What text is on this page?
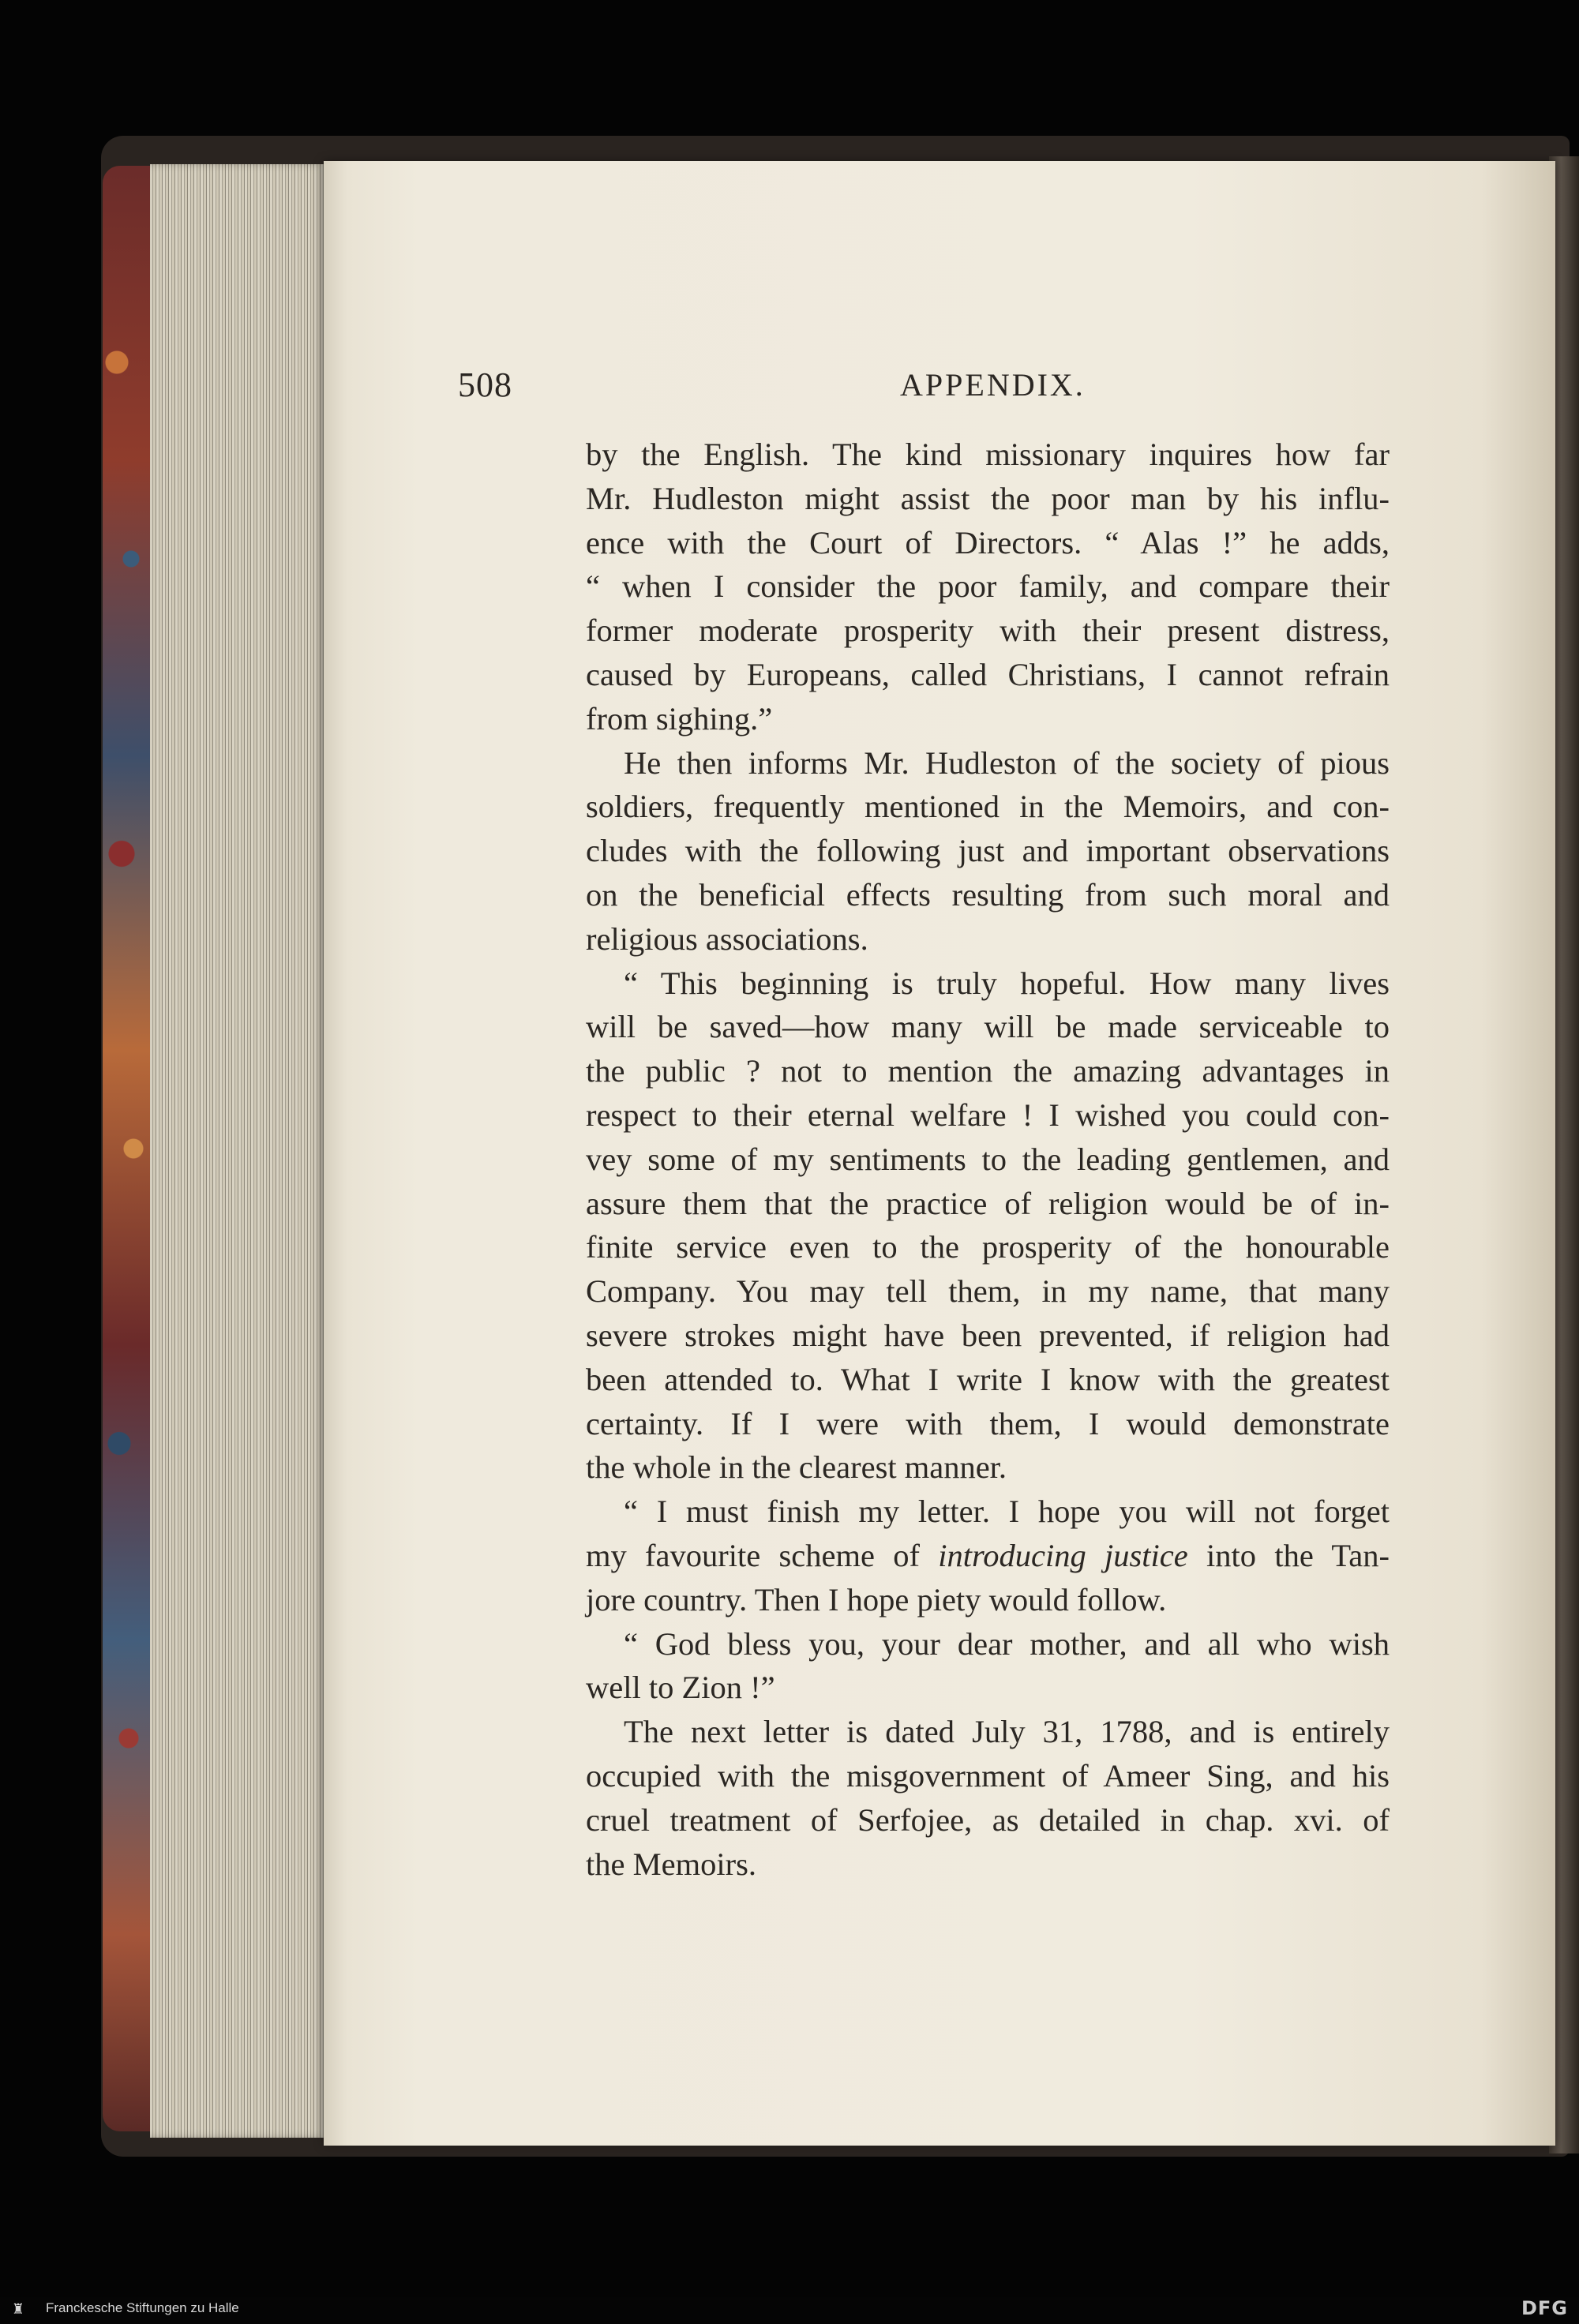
508	APPENDIX.
by the English. The kind missionary inquires how far
Mr. Hudleston might assist the poor man by his influ-
ence with the Court of Directors. “ Alas !” he adds,
“ when I consider the poor family, and compare their
former moderate prosperity with their present distress,
caused by Europeans, called Christians, I cannot refrain
from sighing.”
He then informs Mr. Hudleston of the society of pious
soldiers, frequently mentioned in the Memoirs, and con-
cludes with the following just and important observations
on the beneficial effects resulting from such moral and
religious associations.
“ This beginning is truly hopeful. How many lives
will be saved—how many will be made serviceable to
the public ? not to mention the amazing advantages in
respect to their eternal welfare ! I wished you could con-
vey some of my sentiments to the leading gentlemen, and
assure them that the practice of religion would be of in-
finite service even to the prosperity of the honourable
Company. You may tell them, in my name, that many
severe strokes might have been prevented, if religion had
been attended to. What I write I know with the greatest
certainty. If I were with them, I would demonstrate
the whole in the clearest manner.
“ I must finish my letter. I hope you will not forget
my favourite scheme of introducing justice into the Tan-
jore country. Then I hope piety would follow.
“ God bless you, your dear mother, and all who wish
well to Zion !”
The next letter is dated July 31, 1788, and is entirely
occupied with the misgovernment of Ameer Sing, and his
cruel treatment of Serfojee, as detailed in chap. xvi. of
the Memoirs.
♜	Franckesche Stiftungen zu Halle	DFG
